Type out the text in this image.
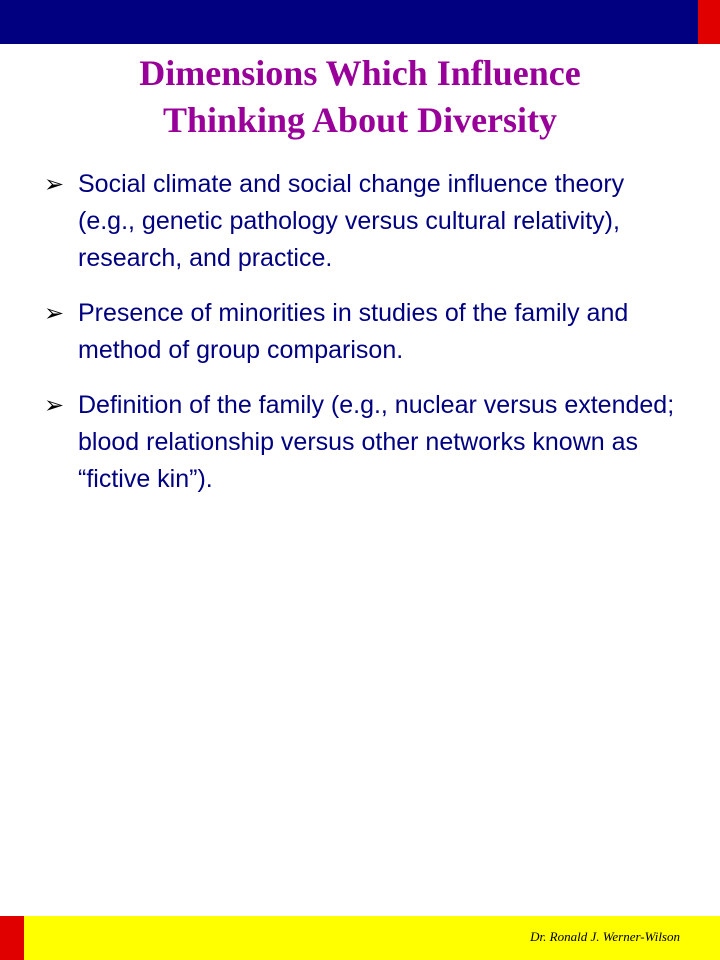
Dimensions Which Influence
Thinking About Diversity
➢ Social climate and social change influence theory (e.g., genetic pathology versus cultural relativity), research, and practice.
➢ Presence of minorities in studies of the family and method of group comparison.
➢ Definition of the family (e.g., nuclear versus extended; blood relationship versus other networks known as “fictive kin”).
Dr. Ronald J. Werner-Wilson
